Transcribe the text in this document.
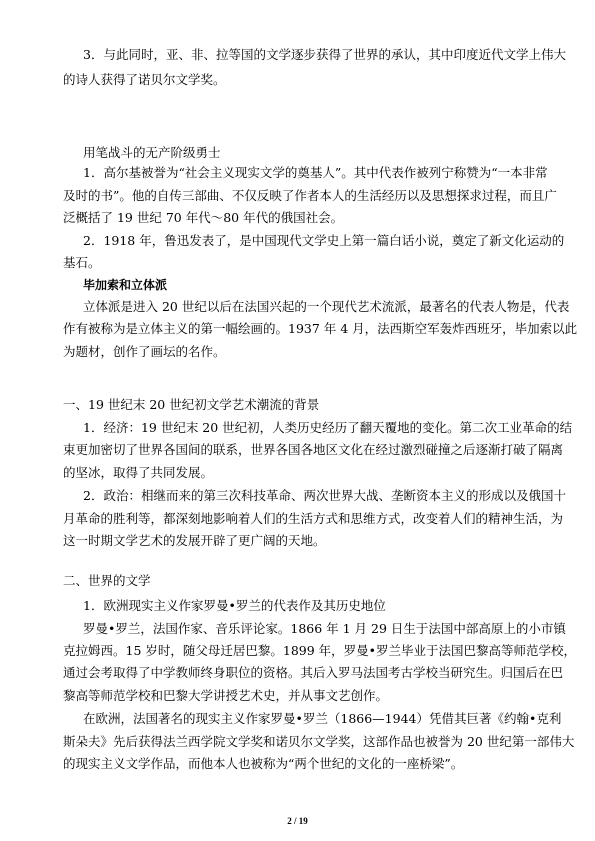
3．与此同时，亚、非、拉等国的文学逐步获得了世界的承认，其中印度近代文学上伟大
的诗人获得了诺贝尔文学奖。
用笔战斗的无产阶级勇士
1．高尔基被誉为“社会主义现实文学的奠基人”。其中代表作被列宁称赞为“一本非常
及时的书”。他的自传三部曲、不仅反映了作者本人的生活经历以及思想探求过程，而且广
泛概括了 19 世纪 70 年代～80 年代的俄国社会。
2．1918 年，鲁迅发表了，是中国现代文学史上第一篇白话小说，奠定了新文化运动的
基石。
毕加索和立体派
立体派是进入 20 世纪以后在法国兴起的一个现代艺术流派，最著名的代表人物是，代表
作有被称为是立体主义的第一幅绘画的。1937 年 4 月，法西斯空军轰炸西班牙，毕加索以此
为题材，创作了画坛的名作。
一、19 世纪末 20 世纪初文学艺术潮流的背景
1．经济：19 世纪末 20 世纪初，人类历史经历了翻天覆地的变化。第二次工业革命的结
束更加密切了世界各国间的联系，世界各国各地区文化在经过激烈碰撞之后逐渐打破了隔离
的坚冰，取得了共同发展。
2．政治：相继而来的第三次科技革命、两次世界大战、垄断资本主义的形成以及俄国十
月革命的胜利等，都深刻地影响着人们的生活方式和思维方式，改变着人们的精神生活，为
这一时期文学艺术的发展开辟了更广阔的天地。
二、世界的文学
1．欧洲现实主义作家罗曼•罗兰的代表作及其历史地位
罗曼•罗兰，法国作家、音乐评论家。1866 年 1 月 29 日生于法国中部高原上的小市镇
克拉姆西。15 岁时，随父母迁居巴黎。1899 年，罗曼•罗兰毕业于法国巴黎高等师范学校，
通过会考取得了中学教师终身职位的资格。其后入罗马法国考古学校当研究生。归国后在巴
黎高等师范学校和巴黎大学讲授艺术史，并从事文艺创作。
在欧洲，法国著名的现实主义作家罗曼•罗兰（1866—1944）凭借其巨著《约翰•克利
斯朵夫》先后获得法兰西学院文学奖和诺贝尔文学奖，这部作品也被誉为 20 世纪第一部伟大
的现实主义文学作品，而他本人也被称为“两个世纪的文化的一座桥梁”。
2 / 19
